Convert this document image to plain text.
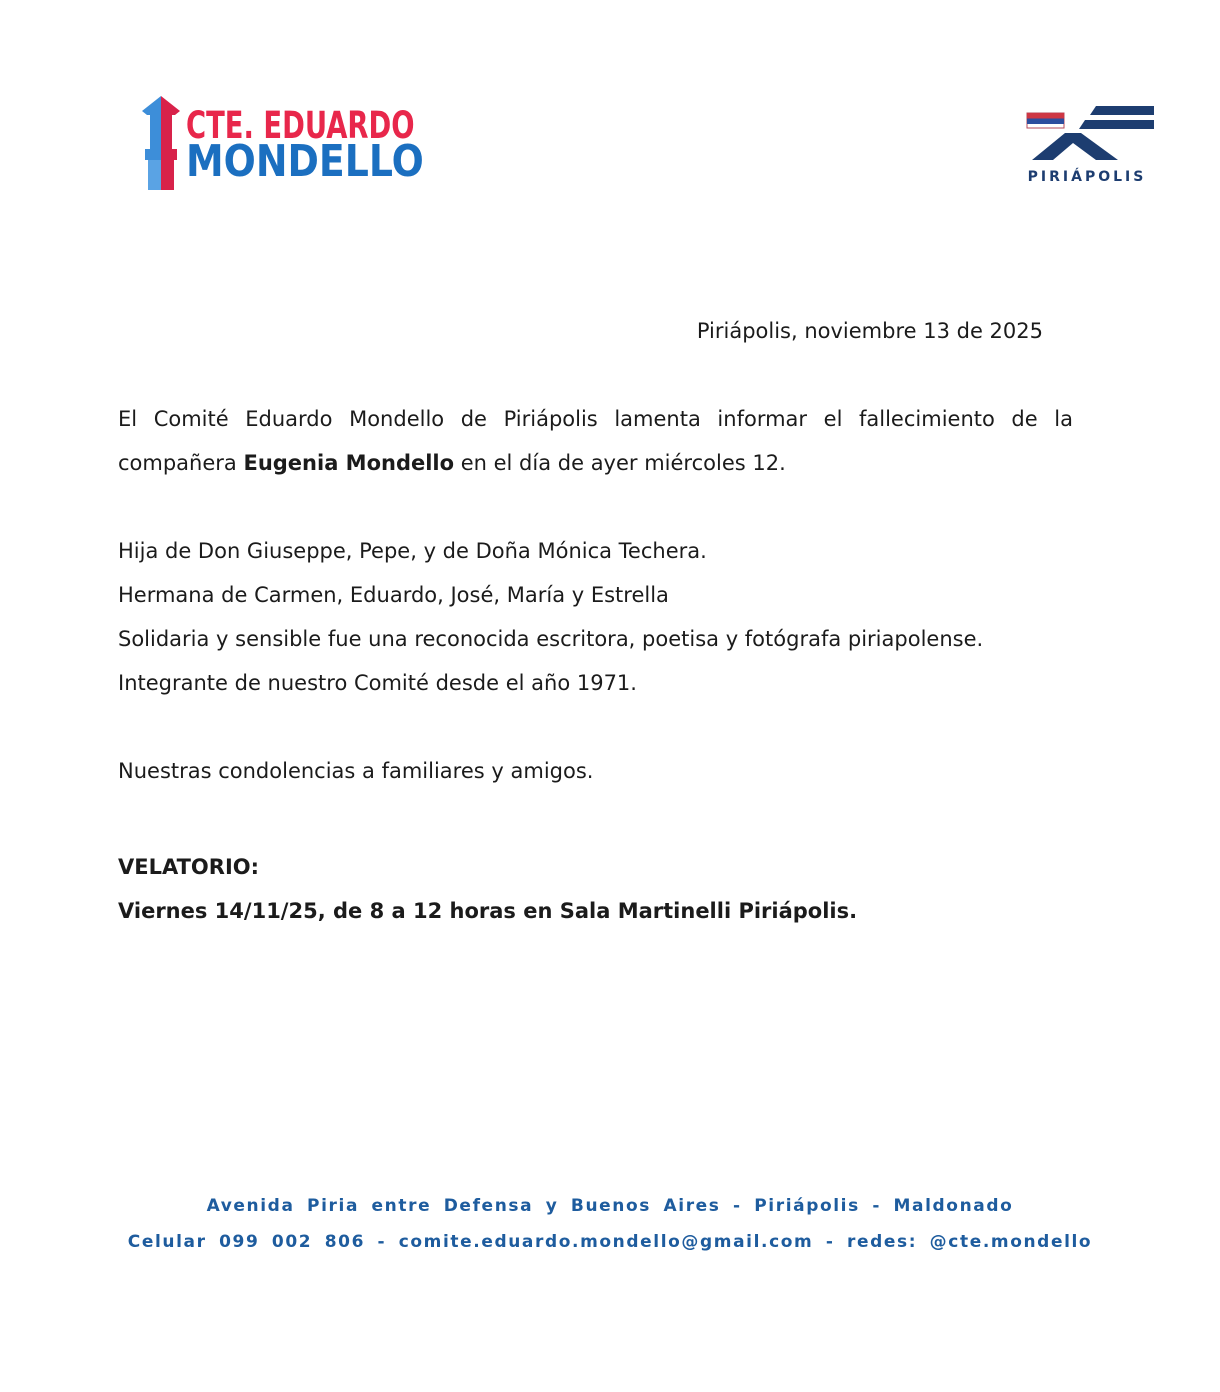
CTE. EDUARDO
MONDELLO	PIRIÁPOLIS
Piriápolis, noviembre 13 de 2025

El Comité Eduardo Mondello de Piriápolis lamenta informar el fallecimiento de la compañera Eugenia Mondello en el día de ayer miércoles 12.

Hija de Don Giuseppe, Pepe, y de Doña Mónica Techera.

Hermana de Carmen, Eduardo, José, María y Estrella

Solidaria y sensible fue una reconocida escritora, poetisa y fotógrafa piriapolense.

Integrante de nuestro Comité desde el año 1971.

Nuestras condolencias a familiares y amigos.

VELATORIO:

Viernes 14/11/25, de 8 a 12 horas en Sala Martinelli Piriápolis.

Avenida Piria entre Defensa y Buenos Aires - Piriápolis - Maldonado
Celular 099 002 806 - comite.eduardo.mondello@gmail.com - redes: @cte.mondello
